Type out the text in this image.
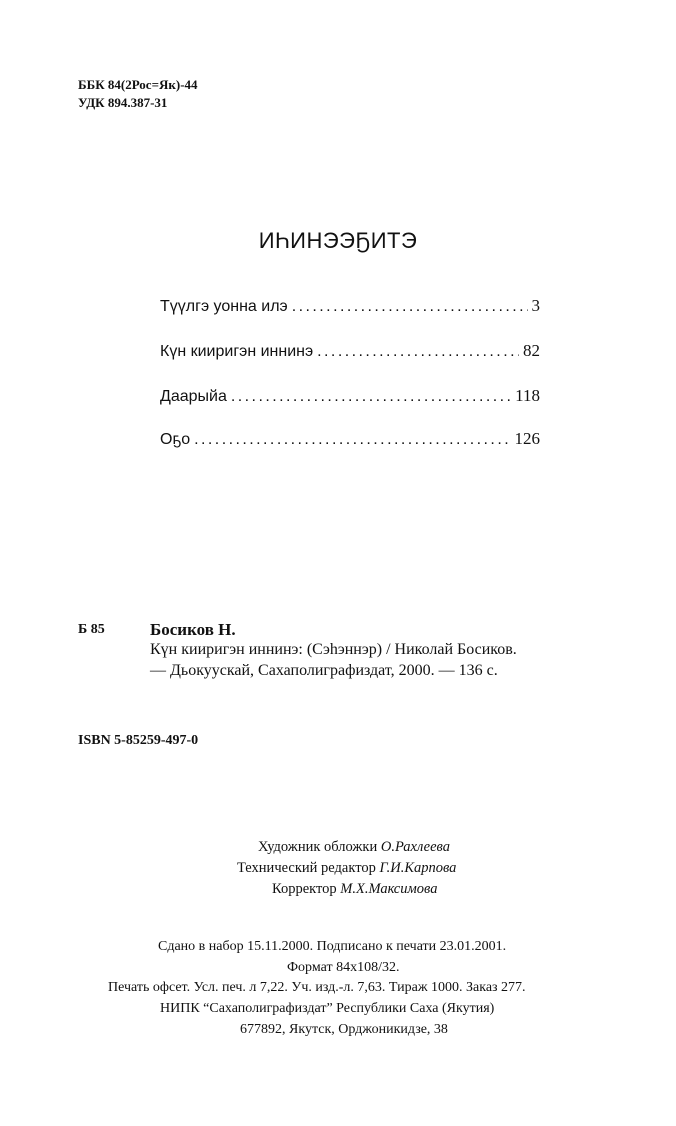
ББК 84(2Рос=Як)-44
УДК 894.387-31
ИҺИНЭЭҔИТЭ
Түүлгэ уонна илэ . . .	3
Күн кииригэн иннинэ . . .	82
Даарыйа . . .	118
Оҕо . . .	126
Б 85	Босиков Н.
Күн кииригэн иннинэ: (Сэһэннэр) / Николай Босиков.
— Дьокуускай, Сахаполиграфиздат, 2000. — 136 с.
ISBN 5-85259-497-0
Художник обложки О.Рахлеева
Технический редактор Г.И.Карпова
Корректор М.Х.Максимова
Сдано в набор 15.11.2000. Подписано к печати 23.01.2001.
Формат 84х108/32.
Печать офсет. Усл. печ. л 7,22. Уч. изд.-л. 7,63. Тираж 1000. Заказ 277.
НИПК “Сахаполиграфиздат” Республики Саха (Якутия)
677892, Якутск, Орджоникидзе, 38
